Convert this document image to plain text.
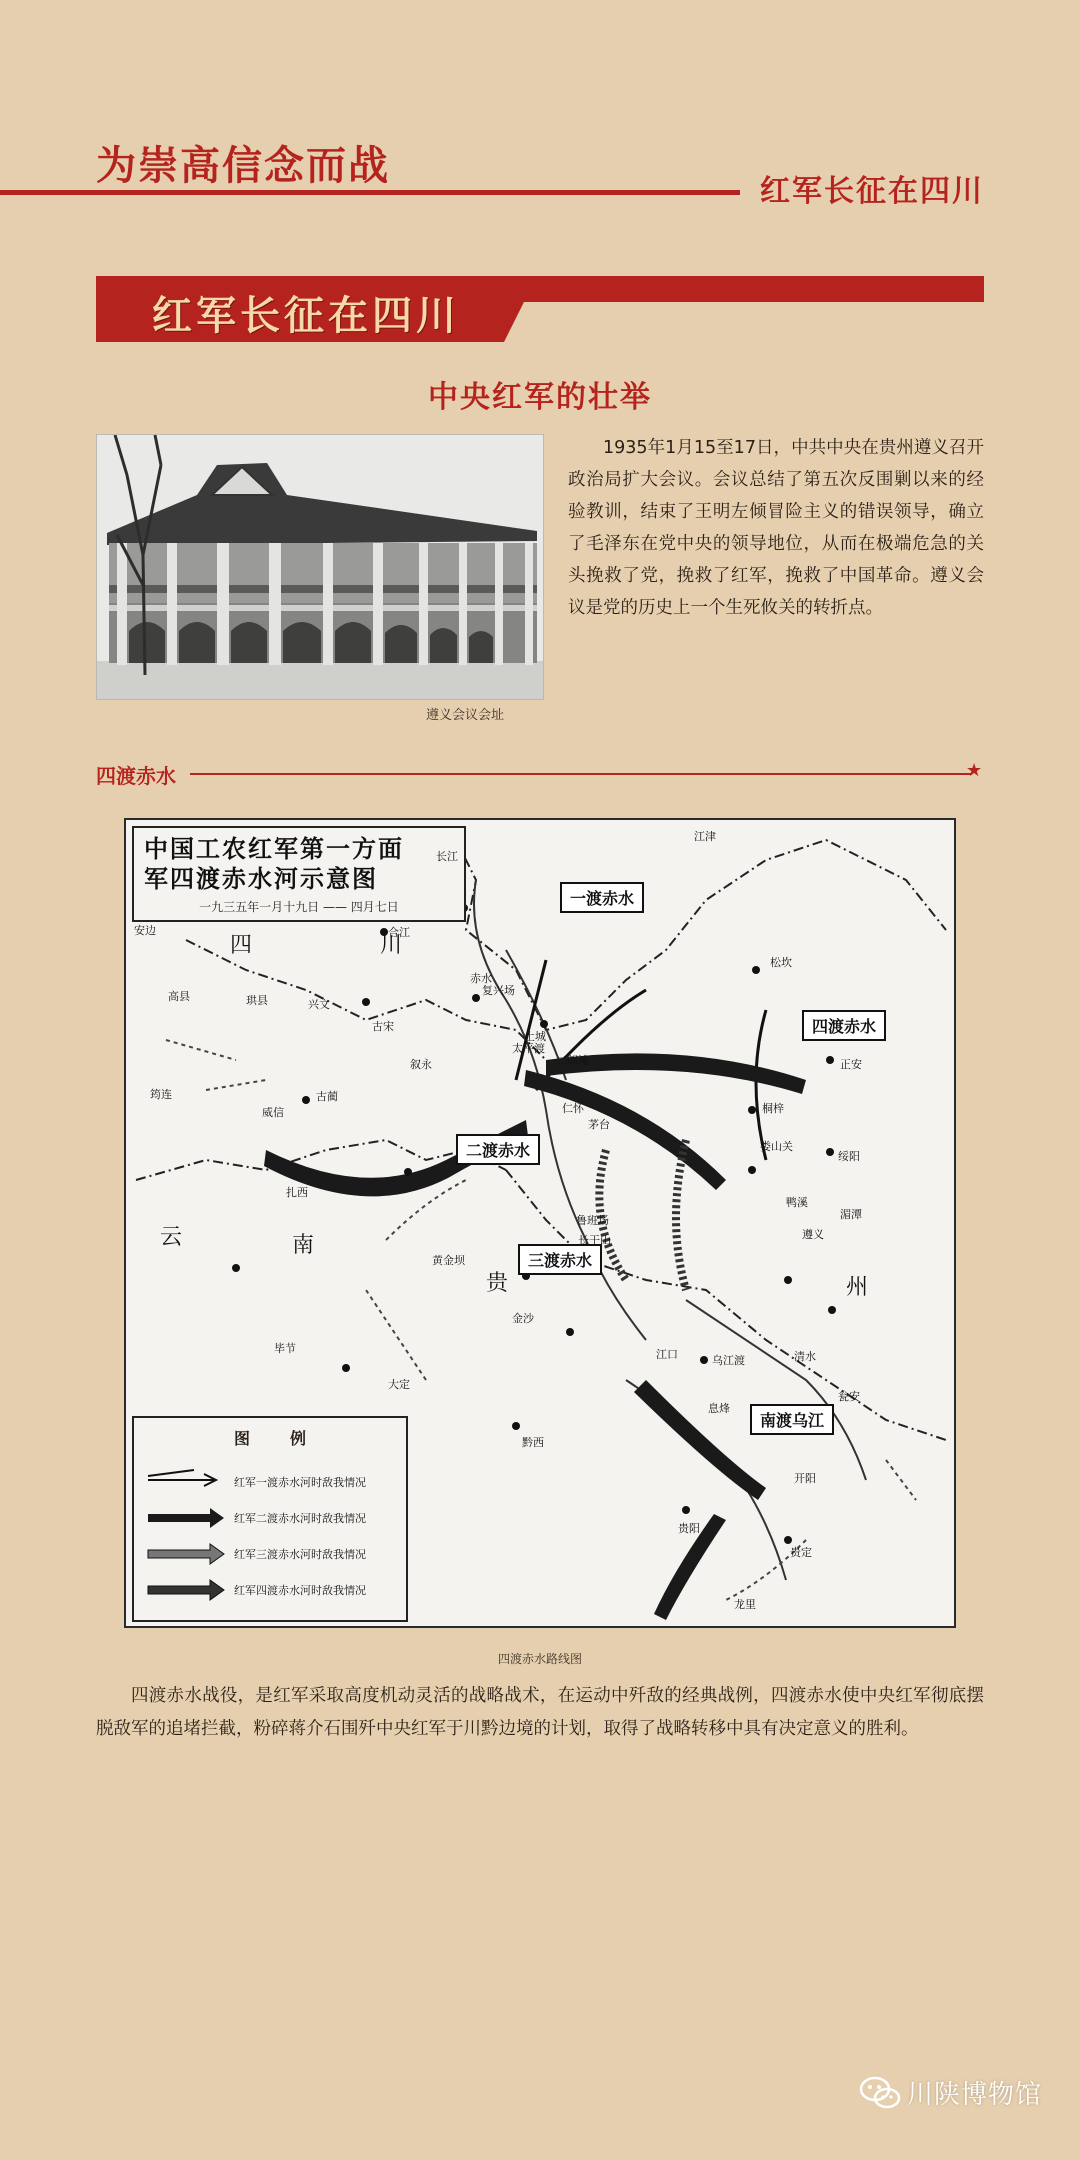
为崇高信念而战
红军长征在四川
红军长征在四川
中央红军的壮举
遵义会议会址
1935年1月15至17日，中共中央在贵州遵义召开政治局扩大会议。会议总结了第五次反围剿以来的经验教训，结束了王明左倾冒险主义的错误领导，确立了毛泽东在党中央的领导地位，从而在极端危急的关头挽救了党，挽救了红军，挽救了中国革命。遵义会议是党的历史上一个生死攸关的转折点。
四渡赤水	★
中国工农红军第一方面
军四渡赤水河示意图
一九三五年一月十九日 —— 四月七日
四	川
云	南
贵	州
一渡赤水
二渡赤水
三渡赤水
四渡赤水
南渡乌江
江津
安边	合江
赤水
复兴场
高县	珙县	兴文
古宋
叙永
筠连
威信
扎西
古蔺
黄金坝
毕节
大定
金沙
黔西
土城
二郎滩
太平渡
茅台
仁怀
鲁班场
长干山
松坎
桐梓
娄山关
鸭溪
遵义
正安
绥阳
湄潭
瓮安
清水
乌江渡
息烽
江口
开阳
贵阳
贵定
龙里
长江
图例
红军一渡赤水河时敌我情况
红军二渡赤水河时敌我情况
红军三渡赤水河时敌我情况
红军四渡赤水河时敌我情况
四渡赤水路线图
四渡赤水战役，是红军采取高度机动灵活的战略战术，在运动中歼敌的经典战例，四渡赤水使中央红军彻底摆脱敌军的追堵拦截，粉碎蒋介石围歼中央红军于川黔边境的计划，取得了战略转移中具有决定意义的胜利。
川陕博物馆
